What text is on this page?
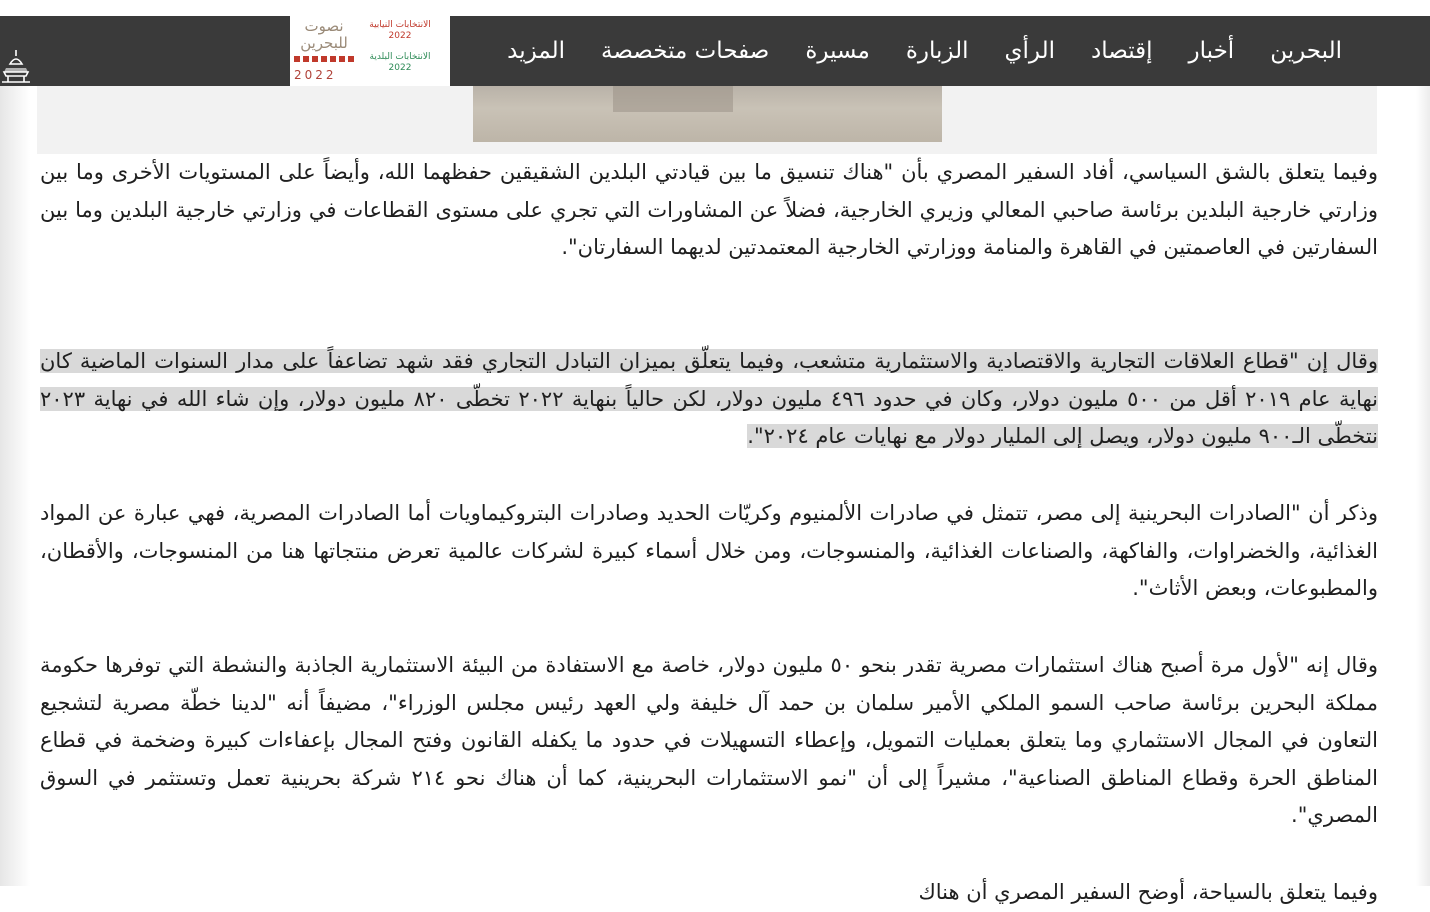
البحرين
أخبار
إقتصاد
الرأي
الزبارة
مسيرة
صفحات متخصصة
المزيد
نصوت للبحرين
2022
الانتخابات النيابية 2022
الانتخابات البلدية 2022

وفيما يتعلق بالشق السياسي، أفاد السفير المصري بأن "هناك تنسيق ما بين قيادتي البلدين الشقيقين حفظهما الله، وأيضاً على المستويات الأخرى وما بين وزارتي خارجية البلدين برئاسة صاحبي المعالي وزيري الخارجية، فضلاً عن المشاورات التي تجري على مستوى القطاعات في وزارتي خارجية البلدين وما بين السفارتين في العاصمتين في القاهرة والمنامة ووزارتي الخارجية المعتمدتين لديهما السفارتان".

وقال إن "قطاع العلاقات التجارية والاقتصادية والاستثمارية متشعب، وفيما يتعلّق بميزان التبادل التجاري فقد شهد تضاعفاً على مدار السنوات الماضية كان نهاية عام ٢٠١٩ أقل من ٥٠٠ مليون دولار، وكان في حدود ٤٩٦ مليون دولار، لكن حالياً بنهاية ٢٠٢٢ تخطّى ٨٢٠ مليون دولار، وإن شاء الله في نهاية ٢٠٢٣ نتخطّى الـ٩٠٠ مليون دولار، ويصل إلى المليار دولار مع نهايات عام ٢٠٢٤".

وذكر أن "الصادرات البحرينية إلى مصر، تتمثل في صادرات الألمنيوم وكريّات الحديد وصادرات البتروكيماويات أما الصادرات المصرية، فهي عبارة عن المواد الغذائية، والخضراوات، والفاكهة، والصناعات الغذائية، والمنسوجات، ومن خلال أسماء كبيرة لشركات عالمية تعرض منتجاتها هنا من المنسوجات، والأقطان، والمطبوعات، وبعض الأثاث".

وقال إنه "لأول مرة أصبح هناك استثمارات مصرية تقدر بنحو ٥٠ مليون دولار، خاصة مع الاستفادة من البيئة الاستثمارية الجاذبة والنشطة التي توفرها حكومة مملكة البحرين برئاسة صاحب السمو الملكي الأمير سلمان بن حمد آل خليفة ولي العهد رئيس مجلس الوزراء"، مضيفاً أنه "لدينا خطّة مصرية لتشجيع التعاون في المجال الاستثماري وما يتعلق بعمليات التمويل، وإعطاء التسهيلات في حدود ما يكفله القانون وفتح المجال بإعفاءات كبيرة وضخمة في قطاع المناطق الحرة وقطاع المناطق الصناعية"، مشيراً إلى أن "نمو الاستثمارات البحرينية، كما أن هناك نحو ٢١٤ شركة بحرينية تعمل وتستثمر في السوق المصري".

وفيما يتعلق بالسياحة، أوضح السفير المصري أن هناك
